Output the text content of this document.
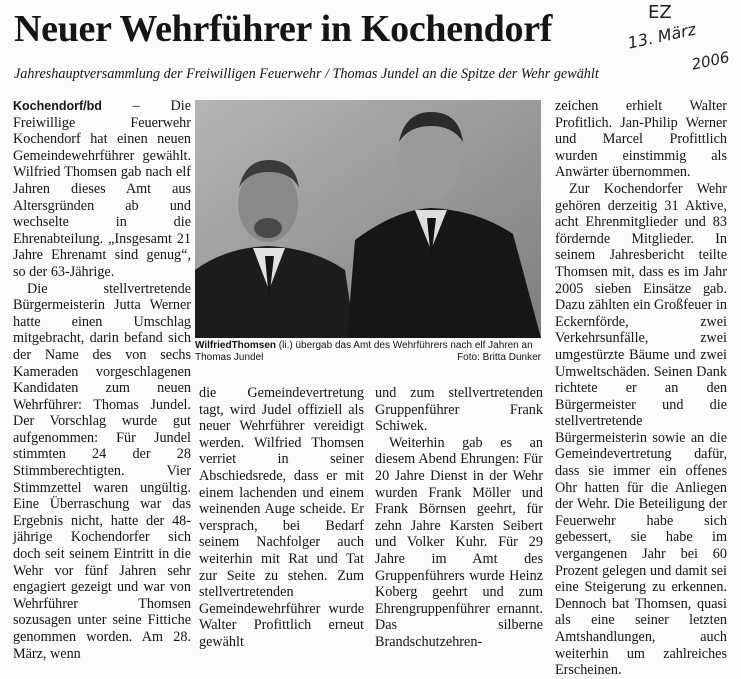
Neuer Wehrführer in Kochendorf	EZ
13. März
2006
Jahreshauptversammlung der Freiwilligen Feuerwehr / Thomas Jundel an die Spitze der Wehr gewählt

Kochendorf/bd – Die Freiwillige Feuerwehr Kochendorf hat einen neuen Gemeindewehrführer gewählt. Wilfried Thomsen gab nach elf Jahren dieses Amt aus Altersgründen ab und wechselte in die Ehrenabteilung. „Insgesamt 21 Jahre Ehrenamt sind genug“, so der 63-Jährige.

Die stellvertretende Bürgermeisterin Jutta Werner hatte einen Umschlag mitgebracht, darin befand sich der Name des von sechs Kameraden vorgeschlagenen Kandidaten zum neuen Wehrführer: Thomas Jundel. Der Vorschlag wurde gut aufgenommen: Für Jundel stimmten 24 der 28 Stimmberechtigten. Vier Stimmzettel waren ungültig. Eine Überraschung war das Ergebnis nicht, hatte der 48-jährige Kochendorfer sich doch seit seinem Eintritt in die Wehr vor fünf Jahren sehr engagiert gezeigt und war von Wehrführer Thomsen sozusagen unter seine Fittiche genommen worden. Am 28. März, wenn

WilfriedThomsen (li.) übergab das Amt des Wehrführers nach elf Jahren an Thomas Jundel	Foto: Britta Dunker

die Gemeindevertretung tagt, wird Judel offiziell als neuer Wehrführer vereidigt werden. Wilfried Thomsen verriet in seiner Abschiedsrede, dass er mit einem lachenden und einem weinenden Auge scheide. Er versprach, bei Bedarf seinem Nachfolger auch weiterhin mit Rat und Tat zur Seite zu stehen. Zum stellvertretenden Gemeindewehrführer wurde Walter Profittlich erneut gewählt

und zum stellvertretenden Gruppenführer Frank Schiwek.

Weiterhin gab es an diesem Abend Ehrungen: Für 20 Jahre Dienst in der Wehr wurden Frank Möller und Frank Börnsen geehrt, für zehn Jahre Karsten Seibert und Volker Kuhr. Für 29 Jahre im Amt des Gruppenführers wurde Heinz Koberg geehrt und zum Ehrengruppenführer ernannt. Das silberne Brandschutzehren-

zeichen erhielt Walter Profitlich. Jan-Philip Werner und Marcel Profittlich wurden einstimmig als Anwärter übernommen.

Zur Kochendorfer Wehr gehören derzeitig 31 Aktive, acht Ehrenmitglieder und 83 fördernde Mitglieder. In seinem Jahresbericht teilte Thomsen mit, dass es im Jahr 2005 sieben Einsätze gab. Dazu zählten ein Großfeuer in Eckernförde, zwei Verkehrsunfälle, zwei umgestürzte Bäume und zwei Umweltschäden. Seinen Dank richtete er an den Bürgermeister und die stellvertretende Bürgermeisterin sowie an die Gemeindevertretung dafür, dass sie immer ein offenes Ohr hatten für die Anliegen der Wehr. Die Beteiligung der Feuerwehr habe sich gebessert, sie habe im vergangenen Jahr bei 60 Prozent gelegen und damit sei eine Steigerung zu erkennen. Dennoch bat Thomsen, quasi als eine seiner letzten Amtshandlungen, auch weiterhin um zahlreiches Erscheinen.
